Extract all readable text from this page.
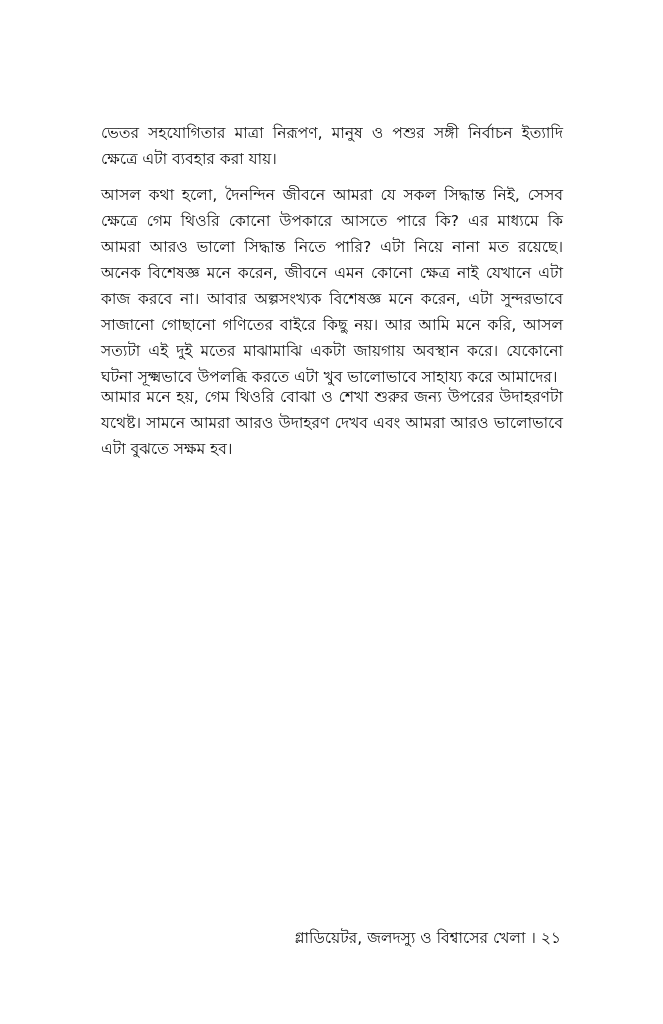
ভেতর সহযোগিতার মাত্রা নিরূপণ, মানুষ ও পশুর সঙ্গী নির্বাচন ইত্যাদি ক্ষেত্রে এটা ব্যবহার করা যায়।

আসল কথা হলো, দৈনন্দিন জীবনে আমরা যে সকল সিদ্ধান্ত নিই, সেসব ক্ষেত্রে গেম থিওরি কোনো উপকারে আসতে পারে কি? এর মাধ্যমে কি আমরা আরও ভালো সিদ্ধান্ত নিতে পারি? এটা নিয়ে নানা মত রয়েছে। অনেক বিশেষজ্ঞ মনে করেন, জীবনে এমন কোনো ক্ষেত্র নাই যেখানে এটা কাজ করবে না। আবার অল্পসংখ্যক বিশেষজ্ঞ মনে করেন, এটা সুন্দরভাবে সাজানো গোছানো গণিতের বাইরে কিছু নয়। আর আমি মনে করি, আসল সত্যটা এই দুই মতের মাঝামাঝি একটা জায়গায় অবস্থান করে। যেকোনো ঘটনা সূক্ষ্মভাবে উপলব্ধি করতে এটা খুব ভালোভাবে সাহায্য করে আমাদের।

আমার মনে হয়, গেম থিওরি বোঝা ও শেখা শুরুর জন্য উপরের উদাহরণটা যথেষ্ট। সামনে আমরা আরও উদাহরণ দেখব এবং আমরা আরও ভালোভাবে এটা বুঝতে সক্ষম হব।

গ্লাডিয়েটর, জলদস্যু ও বিশ্বাসের খেলা । ২১
